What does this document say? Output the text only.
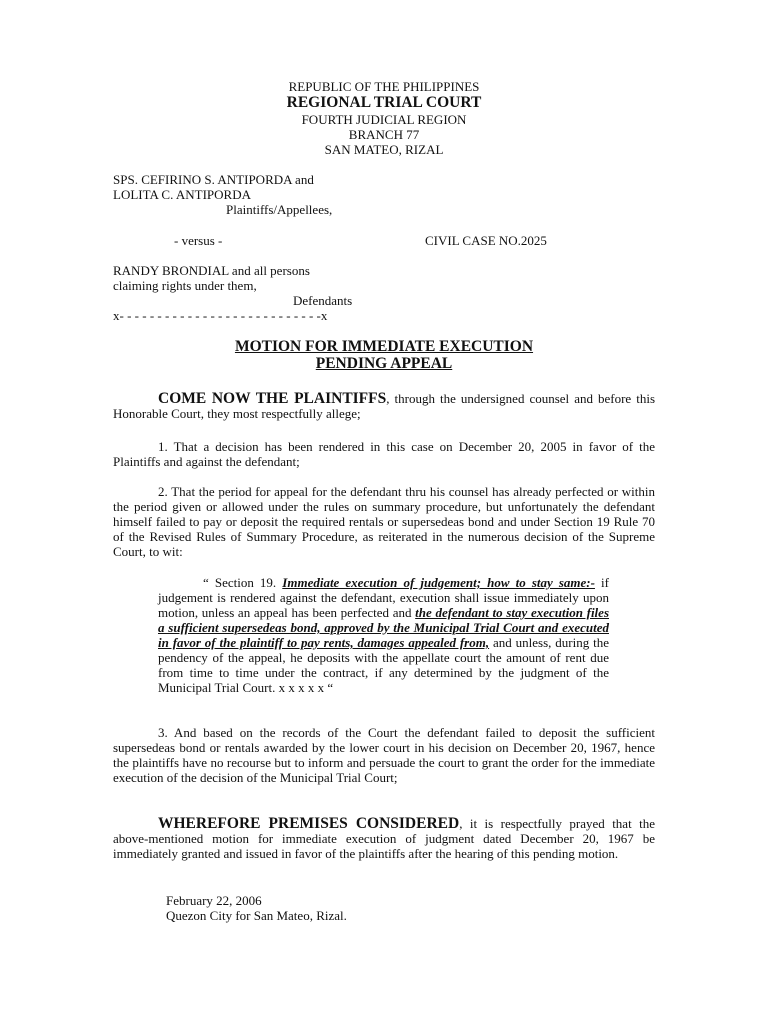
REPUBLIC OF THE PHILIPPINES
REGIONAL TRIAL COURT
FOURTH JUDICIAL REGION
BRANCH 77
SAN MATEO, RIZAL
SPS. CEFIRINO S. ANTIPORDA and
LOLITA C. ANTIPORDA
Plaintiffs/Appellees,
- versus -	CIVIL CASE NO.2025
RANDY BRONDIAL and all persons
claiming rights under them,
Defendants
x- - - - - - - - - - - - - - - - - - - - - - - - - - -x
MOTION FOR IMMEDIATE EXECUTION
PENDING APPEAL
COME NOW THE PLAINTIFFS, through the undersigned counsel and before this Honorable Court, they most respectfully allege;
1. That a decision has been rendered in this case on December 20, 2005 in favor of the Plaintiffs and against the defendant;
2. That the period for appeal for the defendant thru his counsel has already perfected or within the period given or allowed under the rules on summary procedure, but unfortunately the defendant himself failed to pay or deposit the required rentals or supersedeas bond and under Section 19 Rule 70 of the Revised Rules of Summary Procedure, as reiterated in the numerous decision of the Supreme Court, to wit:
“ Section 19. Immediate execution of judgement; how to stay same:- if judgement is rendered against the defendant, execution shall issue immediately upon motion, unless an appeal has been perfected and the defendant to stay execution files a sufficient supersedeas bond, approved by the Municipal Trial Court and executed in favor of the plaintiff to pay rents, damages appealed from, and unless, during the pendency of the appeal, he deposits with the appellate court the amount of rent due from time to time under the contract, if any determined by the judgment of the Municipal Trial Court. x x x x x “
3. And based on the records of the Court the defendant failed to deposit the sufficient supersedeas bond or rentals awarded by the lower court in his decision on December 20, 1967, hence the plaintiffs have no recourse but to inform and persuade the court to grant the order for the immediate execution of the decision of the Municipal Trial Court;
WHEREFORE PREMISES CONSIDERED, it is respectfully prayed that the above-mentioned motion for immediate execution of judgment dated December 20, 1967 be immediately granted and issued in favor of the plaintiffs after the hearing of this pending motion.
February 22, 2006
Quezon City for San Mateo, Rizal.
